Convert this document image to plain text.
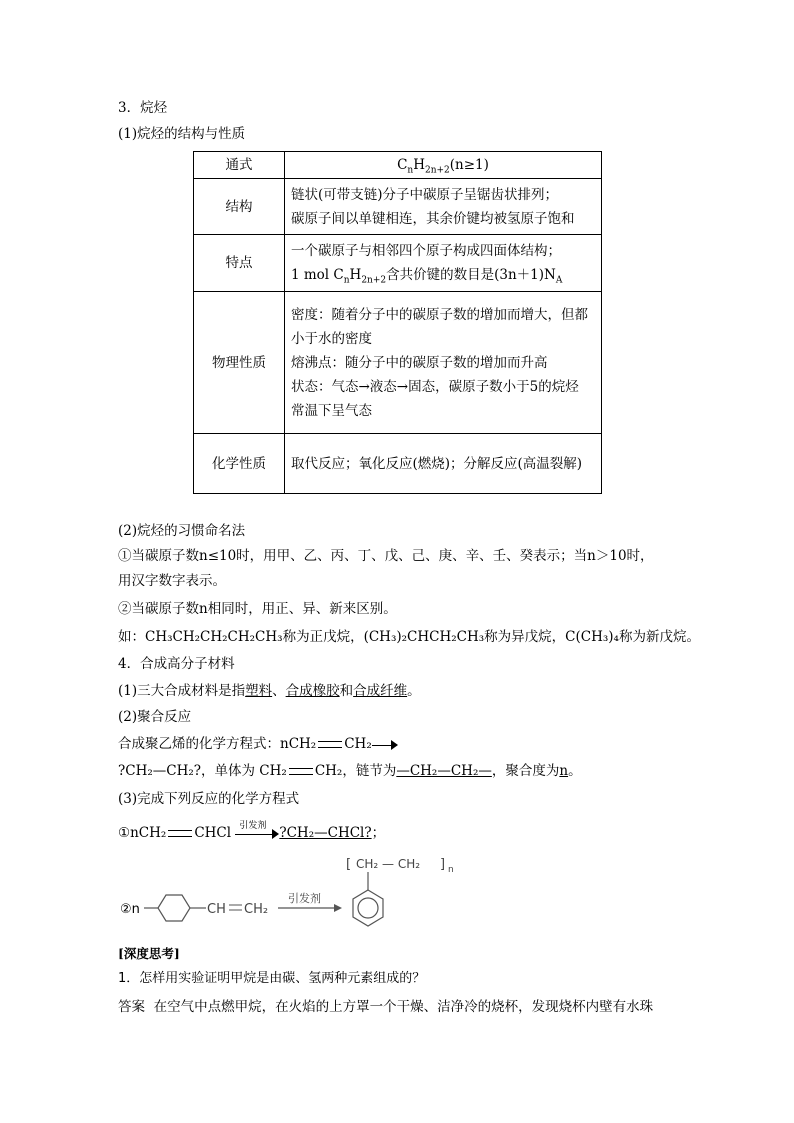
3．烷烃
(1)烷烃的结构与性质
通式	$C_nH_{2n+2}(n\ge 1)$
结构	链状(可带支链)分子中碳原子呈锯齿状排列；
碳原子间以单键相连，其余价键均被氢原子饱和

特点	一个碳原子与相邻四个原子构成四面体结构；
1 mol $C_nH_{2n+2}$含共价键的数目是$(3n+1)N_A$

物理性质	密度：随着分子中的碳原子数的增加而增大，但都
小于水的密度
熔沸点：随分子中的碳原子数的增加而升高
状态：气态→液态→固态，碳原子数小于5的烷烃
常温下呈气态

化学性质	取代反应；氧化反应(燃烧)；分解反应(高温裂解)
(2)烷烃的习惯命名法
①当碳原子数n≤10时，用甲、乙、丙、丁、戊、己、庚、辛、壬、癸表示；当n＞10时，
用汉字数字表示。
②当碳原子数n相同时，用正、异、新来区别。
如：CH₃CH₂CH₂CH₂CH₃称为正戊烷，(CH₃)₂CHCH₂CH₃称为异戊烷，C(CH₃)₄称为新戊烷。
4．合成高分子材料
(1)三大合成材料是指塑料、合成橡胶和合成纤维。
(2)聚合反应
合成聚乙烯的化学方程式：nCH₂ CH₂
?CH₂—CH₂?，单体为 CH₂ CH₂，链节为—CH₂—CH₂—，聚合度为n。
(3)完成下列反应的化学方程式
①nCH₂ CHCl 引发剂 ?CH₂—CHCl?；
②n	CH CH₂
引发剂
[ CH₂ — CH₂ ] n
[深度思考]
1．怎样用实验证明甲烷是由碳、氢两种元素组成的？
答案 在空气中点燃甲烷，在火焰的上方罩一个干燥、洁净冷的烧杯，发现烧杯内壁有水珠
